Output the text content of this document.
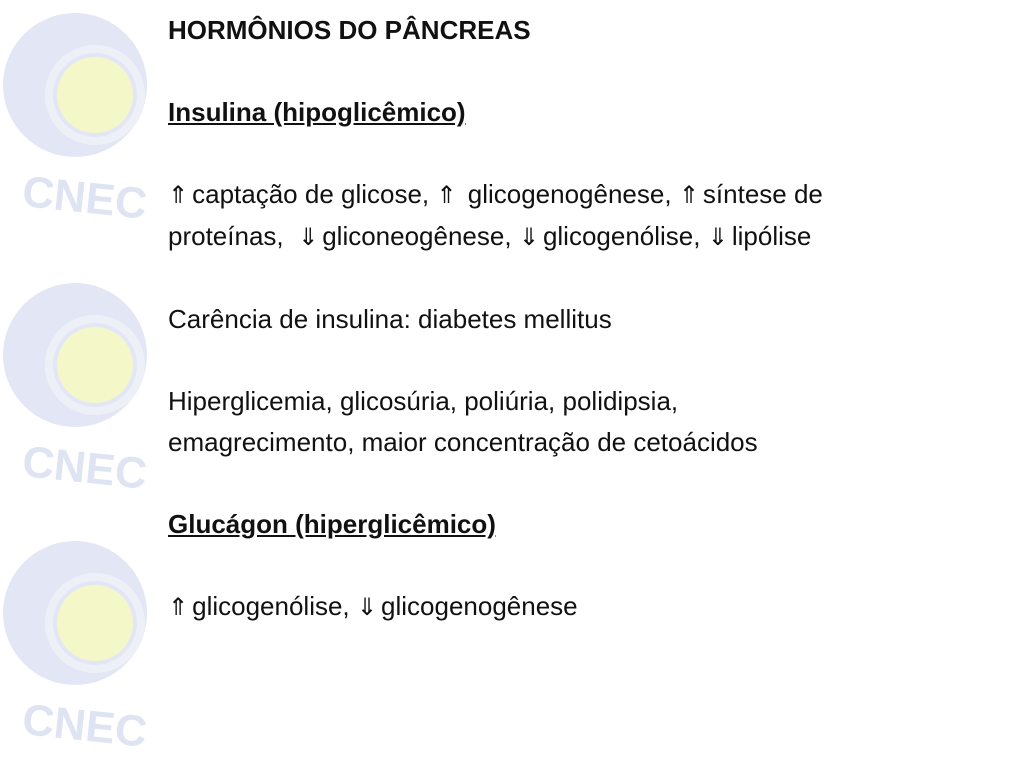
CNEC
CNEC
CNEC
HORMÔNIOS DO PÂNCREAS
Insulina (hipoglicêmico)
⇑ captação de glicose, ⇑ glicogenogênese, ⇑ síntese de
proteínas, ⇓ gliconeogênese, ⇓ glicogenólise, ⇓ lipólise
Carência de insulina: diabetes mellitus
Hiperglicemia, glicosúria, poliúria, polidipsia,
emagrecimento, maior concentração de cetoácidos
Glucágon (hiperglicêmico)
⇑ glicogenólise, ⇓ glicogenogênese
